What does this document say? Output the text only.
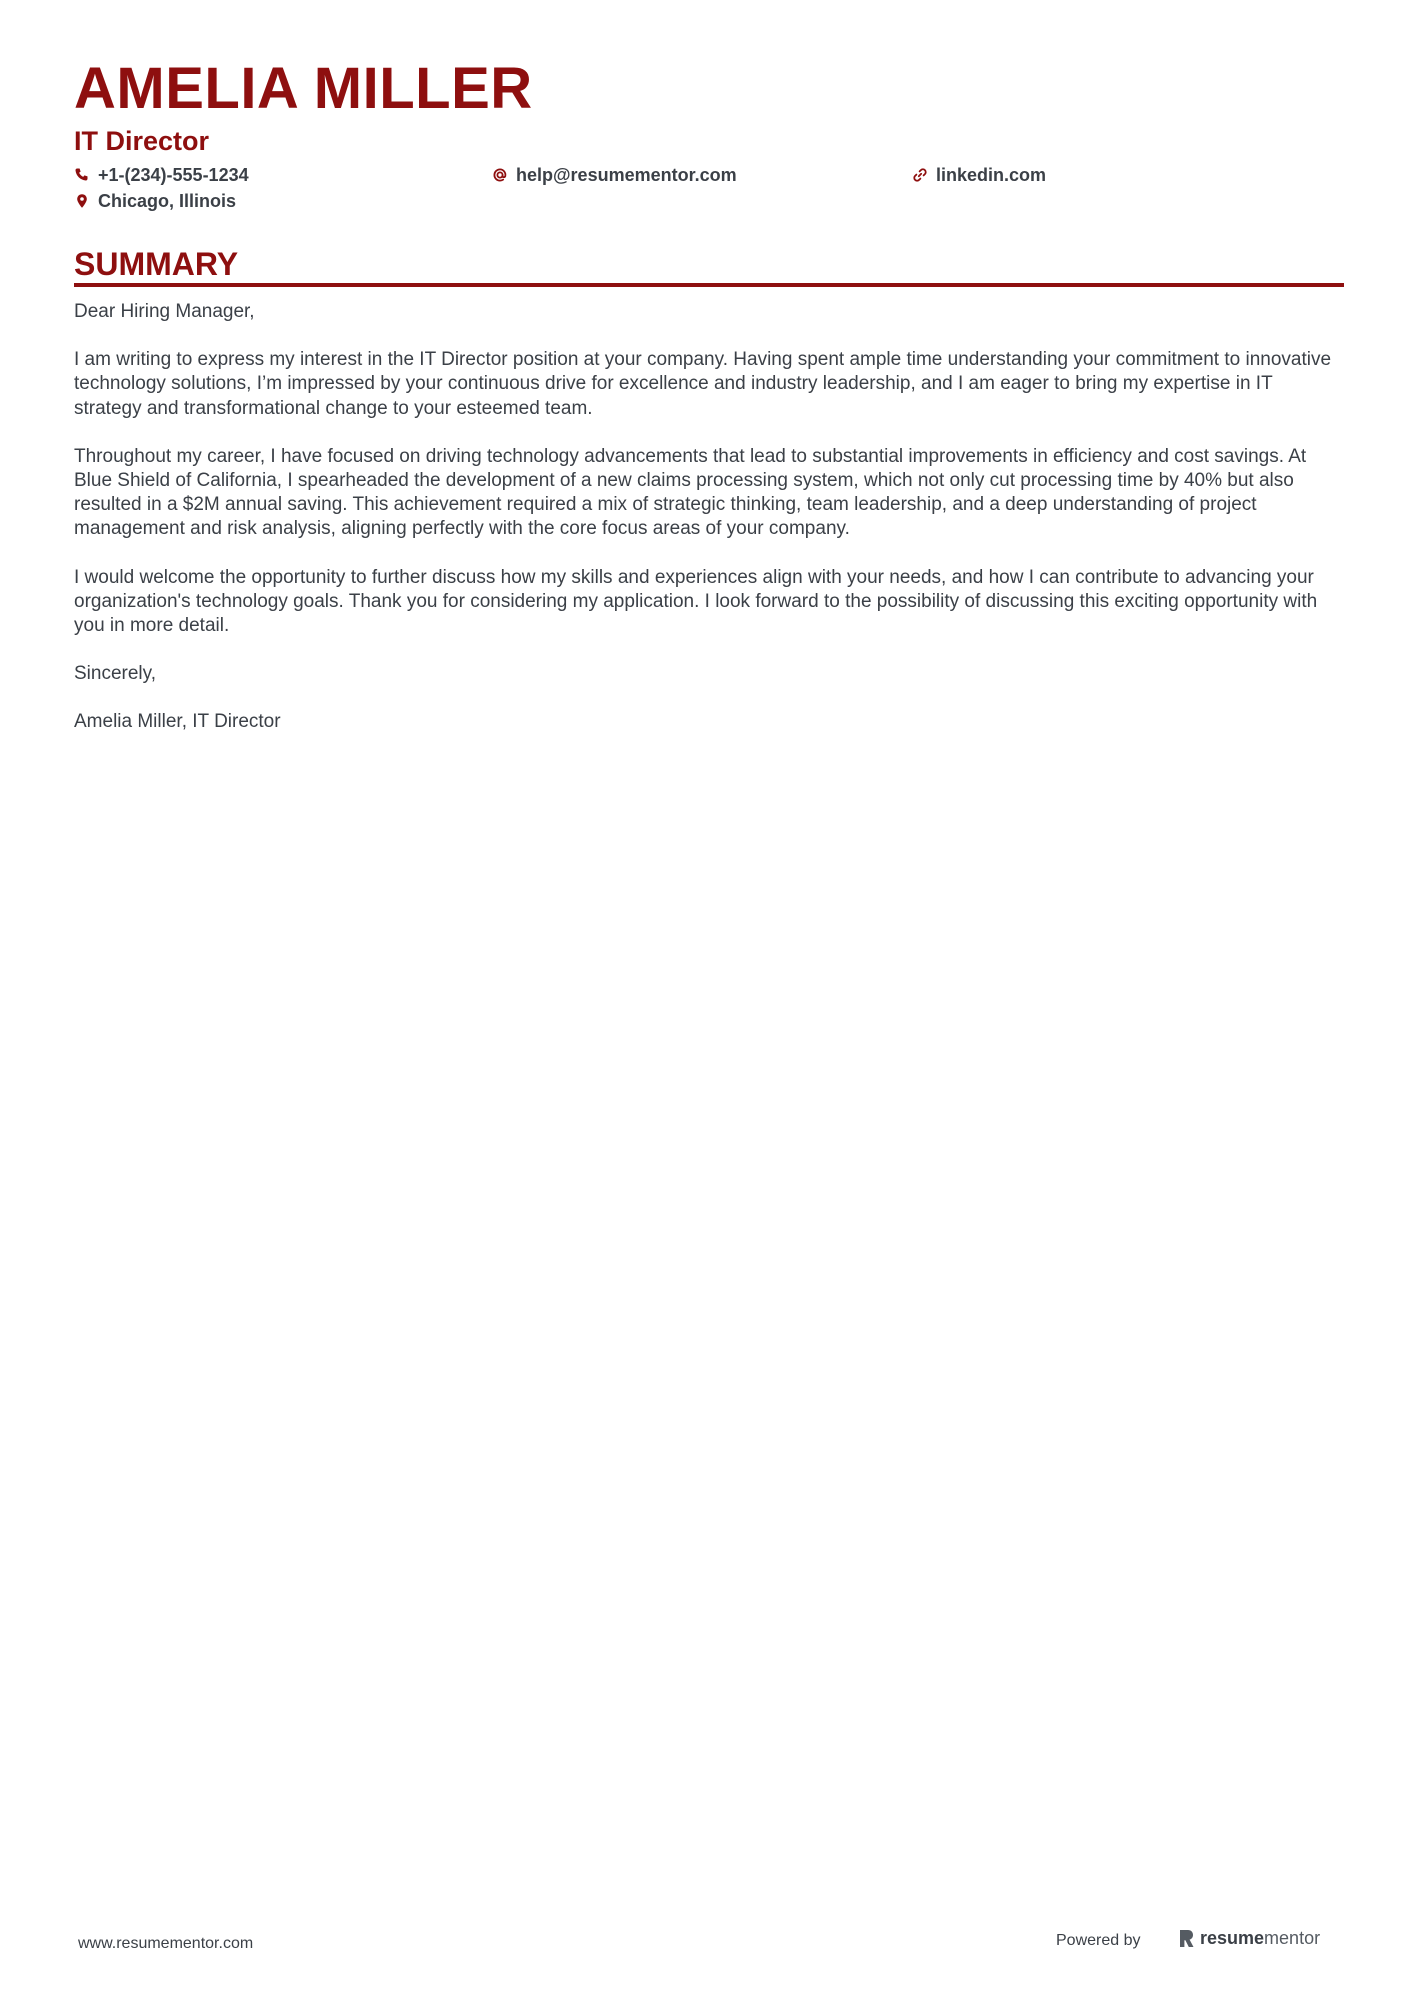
AMELIA MILLER
IT Director
+1-(234)-555-1234	help@resumementor.com	linkedin.com
Chicago, Illinois
SUMMARY

Dear Hiring Manager,

I am writing to express my interest in the IT Director position at your company. Having spent ample time understanding your commitment to innovative technology solutions, I’m impressed by your continuous drive for excellence and industry leadership, and I am eager to bring my expertise in IT strategy and transformational change to your esteemed team.

Throughout my career, I have focused on driving technology advancements that lead to substantial improvements in efficiency and cost savings. At Blue Shield of California, I spearheaded the development of a new claims processing system, which not only cut processing time by 40% but also resulted in a $2M annual saving. This achievement required a mix of strategic thinking, team leadership, and a deep understanding of project management and risk analysis, aligning perfectly with the core focus areas of your company.

I would welcome the opportunity to further discuss how my skills and experiences align with your needs, and how I can contribute to advancing your organization's technology goals. Thank you for considering my application. I look forward to the possibility of discussing this exciting opportunity with you in more detail.

Sincerely,

Amelia Miller, IT Director

www.resumementor.com	Powered by	resume mentor
